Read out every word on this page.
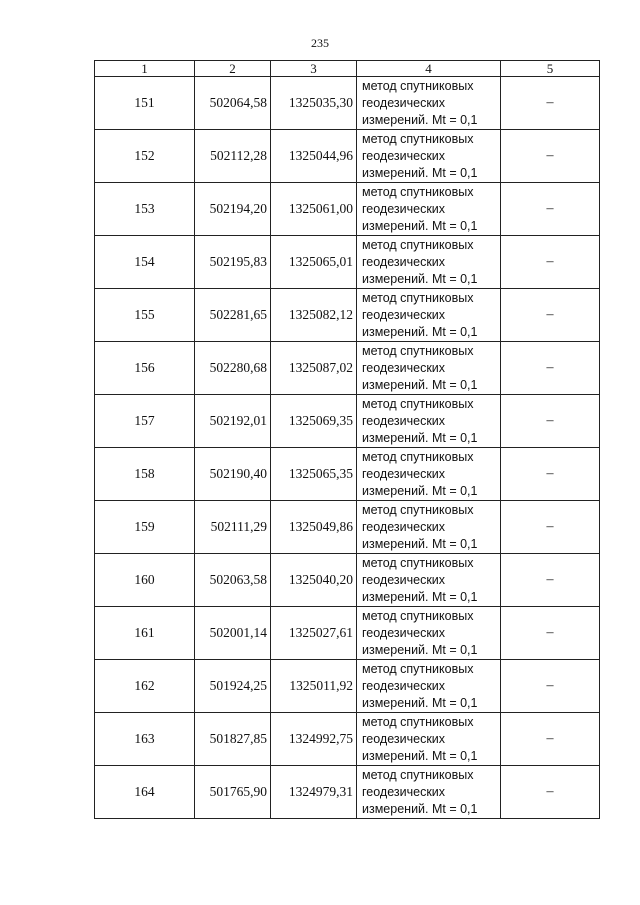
235
1	2	3	4	5
151	502064,58	1325035,30	метод спутниковых
геодезических
измерений. Mt = 0,1	–
152	502112,28	1325044,96	метод спутниковых
геодезических
измерений. Mt = 0,1	–
153	502194,20	1325061,00	метод спутниковых
геодезических
измерений. Mt = 0,1	–
154	502195,83	1325065,01	метод спутниковых
геодезических
измерений. Mt = 0,1	–
155	502281,65	1325082,12	метод спутниковых
геодезических
измерений. Mt = 0,1	–
156	502280,68	1325087,02	метод спутниковых
геодезических
измерений. Mt = 0,1	–
157	502192,01	1325069,35	метод спутниковых
геодезических
измерений. Mt = 0,1	–
158	502190,40	1325065,35	метод спутниковых
геодезических
измерений. Mt = 0,1	–
159	502111,29	1325049,86	метод спутниковых
геодезических
измерений. Mt = 0,1	–
160	502063,58	1325040,20	метод спутниковых
геодезических
измерений. Mt = 0,1	–
161	502001,14	1325027,61	метод спутниковых
геодезических
измерений. Mt = 0,1	–
162	501924,25	1325011,92	метод спутниковых
геодезических
измерений. Mt = 0,1	–
163	501827,85	1324992,75	метод спутниковых
геодезических
измерений. Mt = 0,1	–
164	501765,90	1324979,31	метод спутниковых
геодезических
измерений. Mt = 0,1	–
